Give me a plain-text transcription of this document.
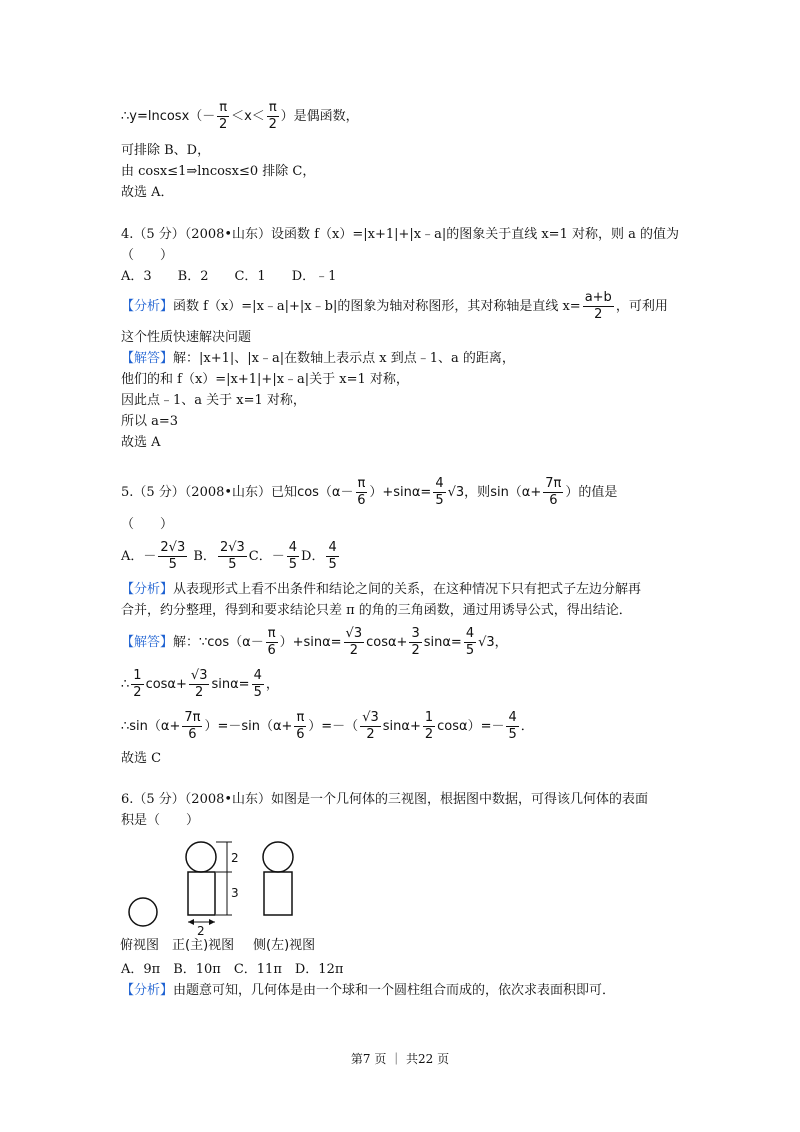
∴y=lncosx（－ $\frac{\pi}{2} <x< \frac{\pi}{2}$ ）是偶函数，
可排除 B、D，
由 cosx≤1⇒lncosx≤0 排除 C，
故选 A．
4.（5 分）（2008•山东）设函数 f（x）=|x+1|+|x﹣a|的图象关于直线 x=1 对称，则 a 的值为
（　　）
A．3　　B．2　　C．1　　D．﹣1
【分析】函数 f（x）=|x﹣a|+|x﹣b|的图象为轴对称图形，其对称轴是直线 $x= \frac{a+b}{2}$ ，可利用
这个性质快速解决问题
【解答】解：|x+1|、|x﹣a|在数轴上表示点 x 到点﹣1、a 的距离，
他们的和 f（x）=|x+1|+|x﹣a|关于 x=1 对称，
因此点﹣1、a 关于 x=1 对称，
所以 a=3
故选 A
5.（5 分）（2008•山东）已知$\cos(\alpha- \frac{\pi}{6} )+\sin\alpha= \frac{4}{5} √3$，则$\sin(\alpha+ \frac{7\pi}{6}$ ）的值是
（　　）
A．－ $\frac{2√3}{5}$ B． $\frac{2√3}{5}$ C．－ $\frac{4}{5}$ D． $\frac{4}{5}$
【分析】从表现形式上看不出条件和结论之间的关系，在这种情况下只有把式子左边分解再
合并，约分整理，得到和要求结论只差 π 的角的三角函数，通过用诱导公式，得出结论．
【解答】解：∵cos（α－ $\frac{\pi}{6} )+\sin\alpha= \frac{√3}{2} \cos\alpha+ \frac{3}{2} \sin\alpha= \frac{4}{5} √3$，
∴ $\frac{1}{2} \cos\alpha+ \frac{√3}{2} \sin\alpha= \frac{4}{5}$ ，
∴sin（α+ $\frac{7\pi}{6} )=-\sin(\alpha+ \frac{\pi}{6}$ ）=－（ $\frac{√3}{2} \sin\alpha+ \frac{1}{2} \cos\alpha)=- \frac{4}{5}$ ．
故选 C
6.（5 分）（2008•山东）如图是一个几何体的三视图，根据图中数据，可得该几何体的表面
积是（　　）
2
3
2
俯视图 正(主)视图 侧(左)视图
A．9π　B．10π　C．11π　D．12π
【分析】由题意可知，几何体是由一个球和一个圆柱组合而成的，依次求表面积即可．
第7 页 ｜ 共22 页
